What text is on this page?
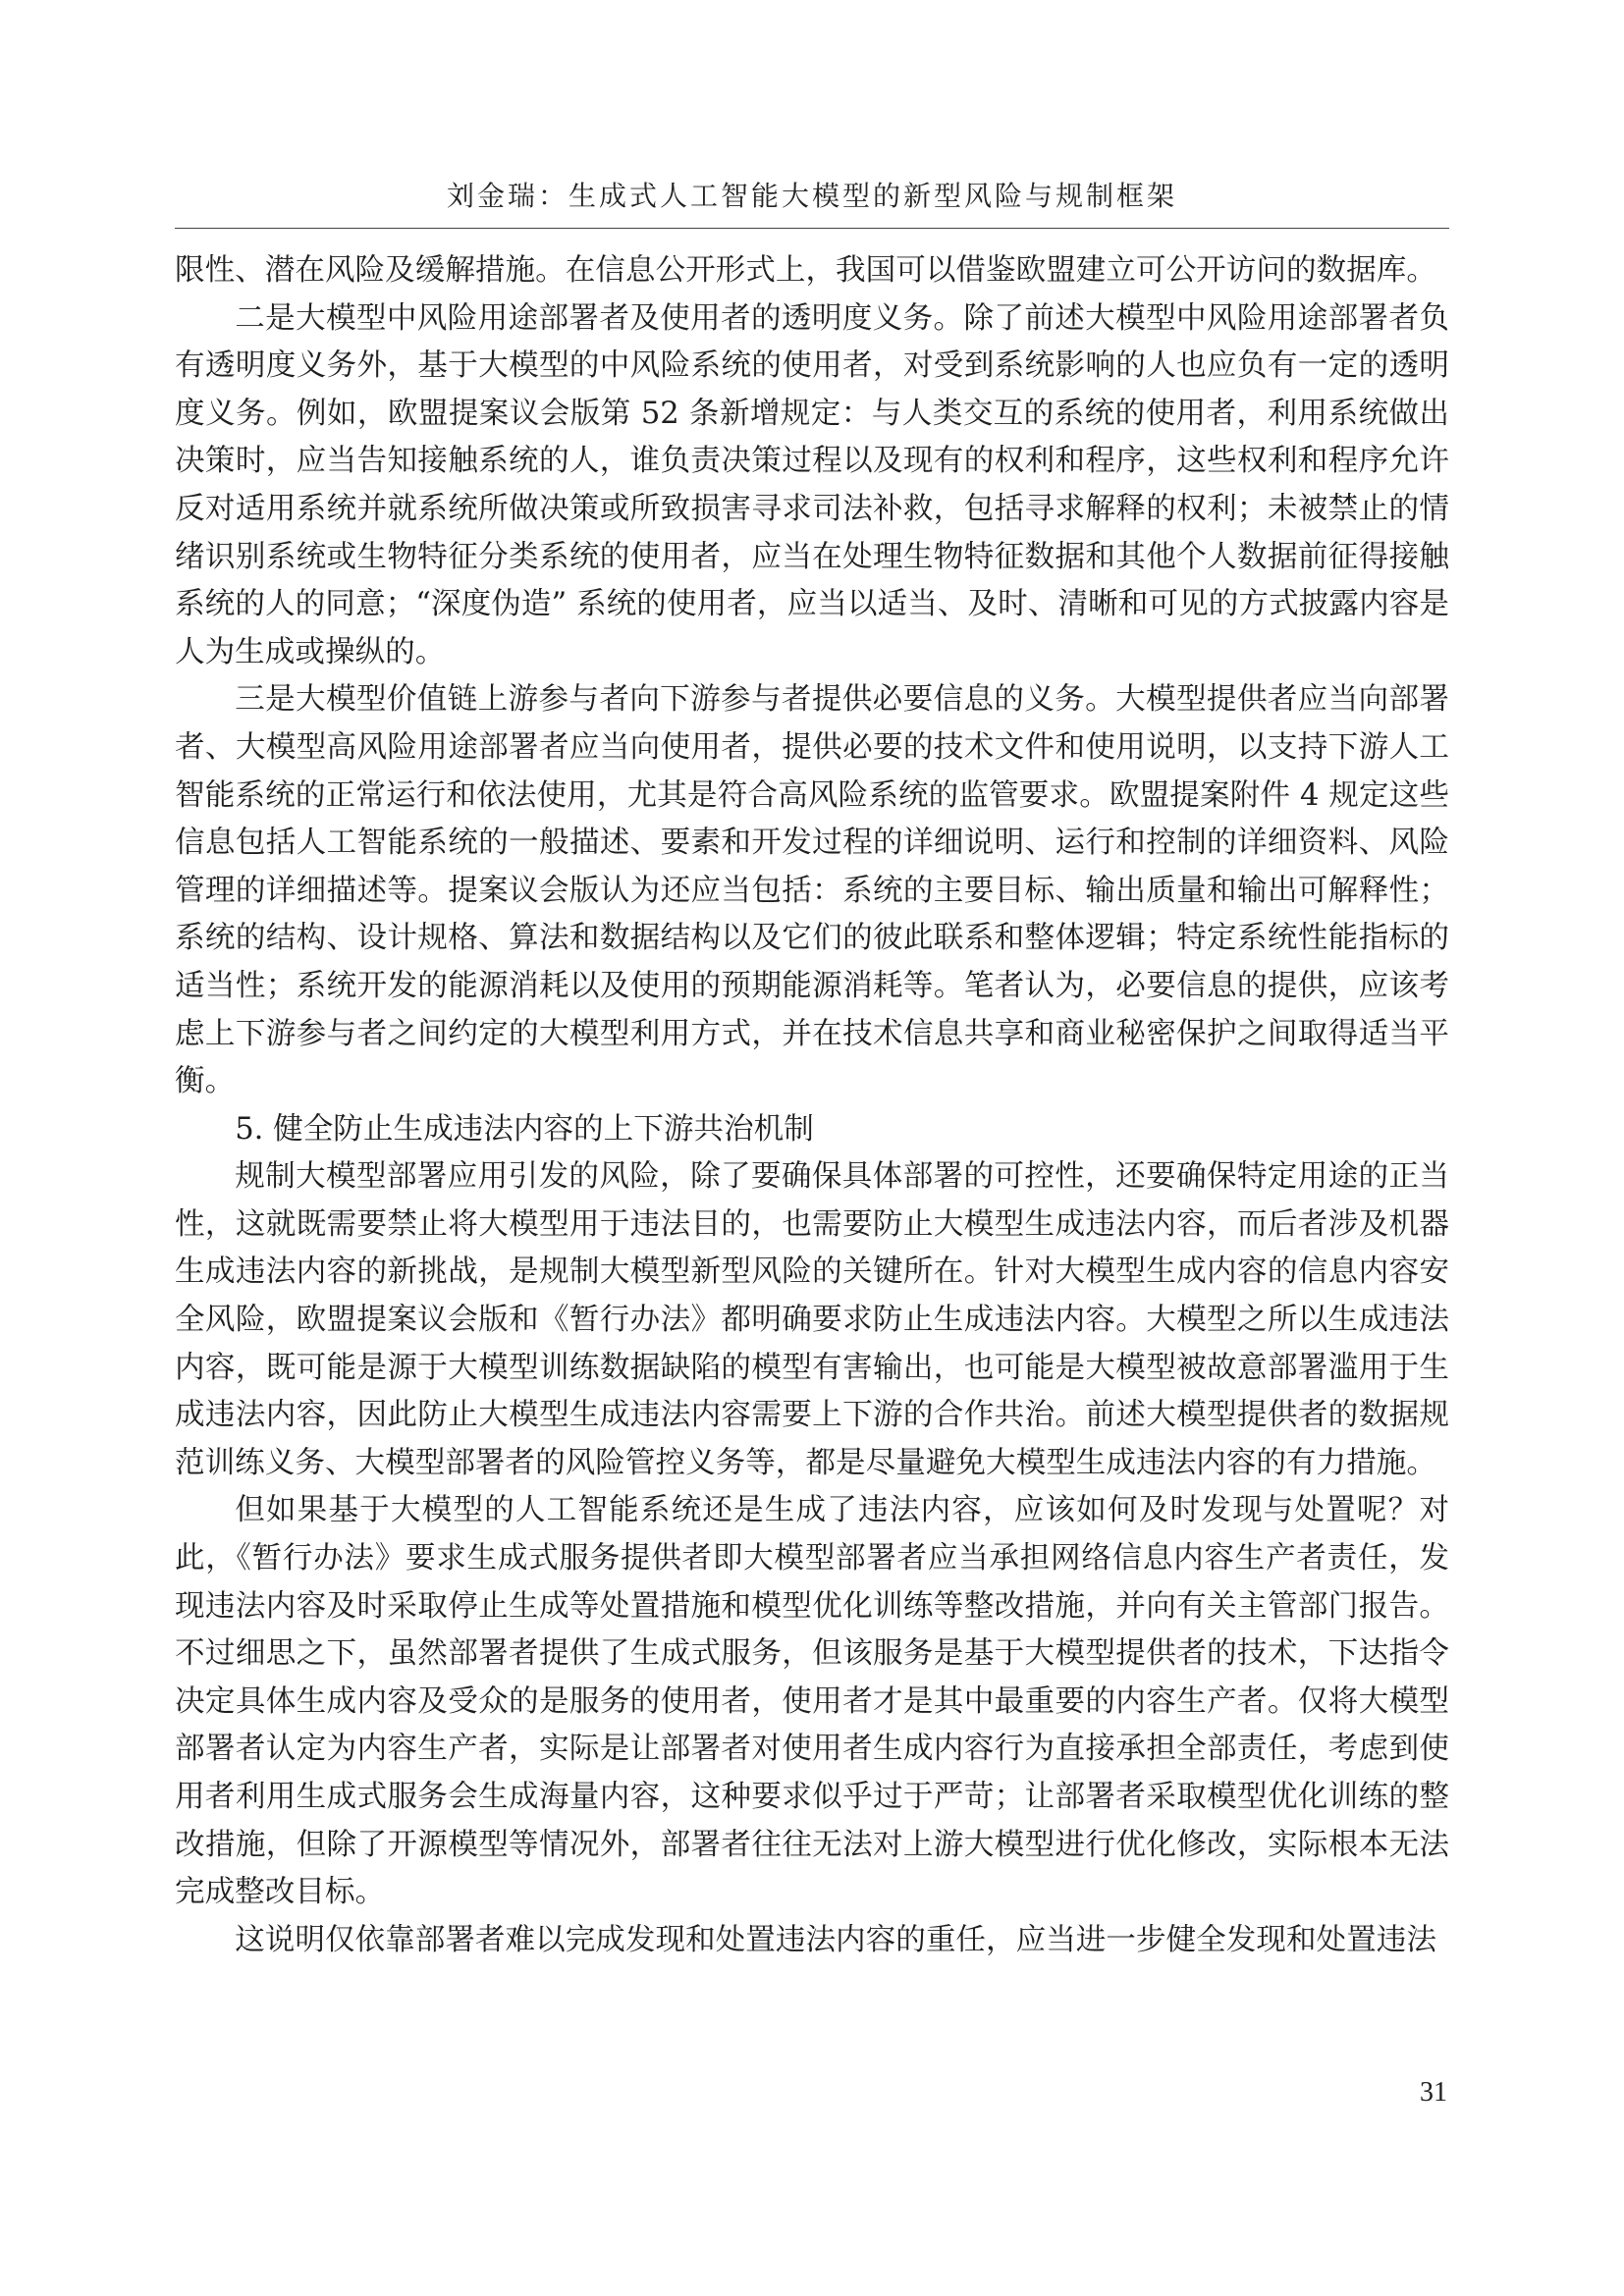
刘金瑞：生成式人工智能大模型的新型风险与规制框架

限性、潜在风险及缓解措施。在信息公开形式上，我国可以借鉴欧盟建立可公开访问的数据库。

二是大模型中风险用途部署者及使用者的透明度义务。除了前述大模型中风险用途部署者负有透明度义务外，基于大模型的中风险系统的使用者，对受到系统影响的人也应负有一定的透明度义务。例如，欧盟提案议会版第 52 条新增规定：与人类交互的系统的使用者，利用系统做出决策时，应当告知接触系统的人，谁负责决策过程以及现有的权利和程序，这些权利和程序允许反对适用系统并就系统所做决策或所致损害寻求司法补救，包括寻求解释的权利；未被禁止的情绪识别系统或生物特征分类系统的使用者，应当在处理生物特征数据和其他个人数据前征得接触系统的人的同意；“深度伪造” 系统的使用者，应当以适当、及时、清晰和可见的方式披露内容是人为生成或操纵的。

三是大模型价值链上游参与者向下游参与者提供必要信息的义务。大模型提供者应当向部署者、大模型高风险用途部署者应当向使用者，提供必要的技术文件和使用说明，以支持下游人工智能系统的正常运行和依法使用，尤其是符合高风险系统的监管要求。欧盟提案附件 4 规定这些信息包括人工智能系统的一般描述、要素和开发过程的详细说明、运行和控制的详细资料、风险管理的详细描述等。提案议会版认为还应当包括：系统的主要目标、输出质量和输出可解释性；系统的结构、设计规格、算法和数据结构以及它们的彼此联系和整体逻辑；特定系统性能指标的适当性；系统开发的能源消耗以及使用的预期能源消耗等。笔者认为，必要信息的提供，应该考虑上下游参与者之间约定的大模型利用方式，并在技术信息共享和商业秘密保护之间取得适当平衡。

5. 健全防止生成违法内容的上下游共治机制

规制大模型部署应用引发的风险，除了要确保具体部署的可控性，还要确保特定用途的正当性，这就既需要禁止将大模型用于违法目的，也需要防止大模型生成违法内容，而后者涉及机器生成违法内容的新挑战，是规制大模型新型风险的关键所在。针对大模型生成内容的信息内容安全风险，欧盟提案议会版和《暂行办法》都明确要求防止生成违法内容。大模型之所以生成违法内容，既可能是源于大模型训练数据缺陷的模型有害输出，也可能是大模型被故意部署滥用于生成违法内容，因此防止大模型生成违法内容需要上下游的合作共治。前述大模型提供者的数据规范训练义务、大模型部署者的风险管控义务等，都是尽量避免大模型生成违法内容的有力措施。

但如果基于大模型的人工智能系统还是生成了违法内容，应该如何及时发现与处置呢？对此，《暂行办法》要求生成式服务提供者即大模型部署者应当承担网络信息内容生产者责任，发现违法内容及时采取停止生成等处置措施和模型优化训练等整改措施，并向有关主管部门报告。不过细思之下，虽然部署者提供了生成式服务，但该服务是基于大模型提供者的技术，下达指令决定具体生成内容及受众的是服务的使用者，使用者才是其中最重要的内容生产者。仅将大模型部署者认定为内容生产者，实际是让部署者对使用者生成内容行为直接承担全部责任，考虑到使用者利用生成式服务会生成海量内容，这种要求似乎过于严苛；让部署者采取模型优化训练的整改措施，但除了开源模型等情况外，部署者往往无法对上游大模型进行优化修改，实际根本无法完成整改目标。

这说明仅依靠部署者难以完成发现和处置违法内容的重任，应当进一步健全发现和处置违法

31
